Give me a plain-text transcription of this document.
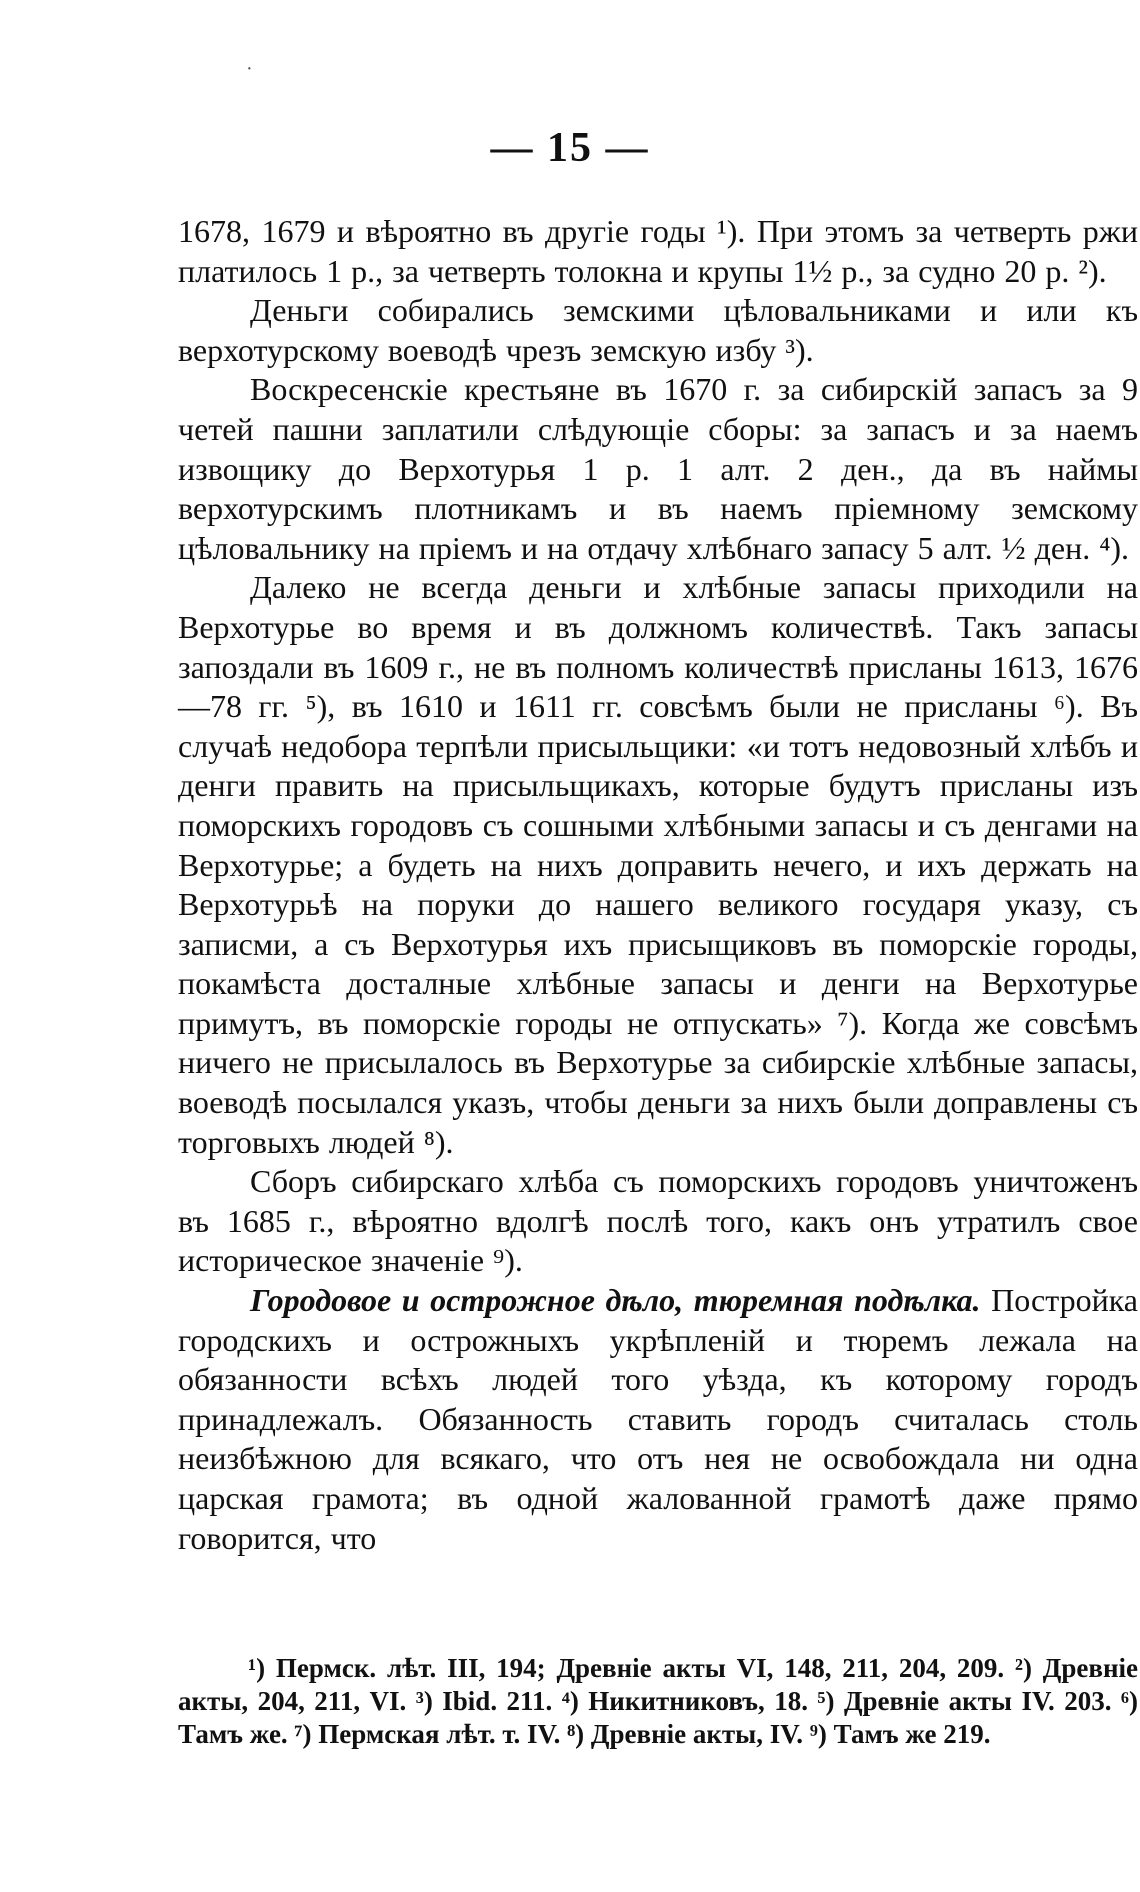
·
— 15 —

1678, 1679 и вѣроятно въ другіе годы ¹). При этомъ за четверть ржи платилось 1 р., за четверть толокна и крупы 1½ р., за судно 20 р. ²).

Деньги собирались земскими цѣловальниками и или къ верхотурскому воеводѣ чрезъ земскую избу ³).

Воскресенскіе крестьяне въ 1670 г. за сибирскій запасъ за 9 четей пашни заплатили слѣдующіе сборы: за запасъ и за наемъ извощику до Верхотурья 1 р. 1 алт. 2 ден., да въ наймы верхотурскимъ плотникамъ и въ наемъ пріемному земскому цѣловальнику на пріемъ и на отдачу хлѣбнаго запасу 5 алт. ½ ден. ⁴).

Далеко не всегда деньги и хлѣбные запасы приходили на Верхотурье во время и въ должномъ количествѣ. Такъ запасы запоздали въ 1609 г., не въ полномъ количествѣ присланы 1613, 1676—78 гг. ⁵), въ 1610 и 1611 гг. совсѣмъ были не присланы ⁶). Въ случаѣ недобора терпѣли присыльщики: «и тотъ недовозный хлѣбъ и денги править на присыльщикахъ, которые будутъ присланы изъ поморскихъ городовъ съ сошными хлѣбными запасы и съ денгами на Верхотурье; а будеть на нихъ доправить нечего, и ихъ держать на Верхотурьѣ на поруки до нашего великого государя указу, съ записми, а съ Верхотурья ихъ присыщиковъ въ поморскіе городы, покамѣста досталные хлѣбные запасы и денги на Верхотурье примутъ, въ поморскіе городы не отпускать» ⁷). Когда же совсѣмъ ничего не присылалось въ Верхотурье за сибирскіе хлѣбные запасы, воеводѣ посылался указъ, чтобы деньги за нихъ были доправлены съ торговыхъ людей ⁸).

Сборъ сибирскаго хлѣба съ поморскихъ городовъ уничтоженъ въ 1685 г., вѣроятно вдолгѣ послѣ того, какъ онъ утратилъ свое историческое значеніе ⁹).

Городовое и острожное дѣло, тюремная подѣлка. Постройка городскихъ и острожныхъ укрѣпленій и тюремъ лежала на обязанности всѣхъ людей того уѣзда, къ которому городъ принадлежалъ. Обязанность ставить городъ считалась столь неизбѣжною для всякаго, что отъ нея не освобождала ни одна царская грамота; въ одной жалованной грамотѣ даже прямо говорится, что

¹) Пермск. лѣт. III, 194; Древніе акты VI, 148, 211, 204, 209. ²) Древніе акты, 204, 211, VI. ³) Ibid. 211. ⁴) Никитниковъ, 18. ⁵) Древніе акты IV. 203. ⁶) Тамъ же. ⁷) Пермская лѣт. т. IV. ⁸) Древніе акты, IV. ⁹) Тамъ же 219.
